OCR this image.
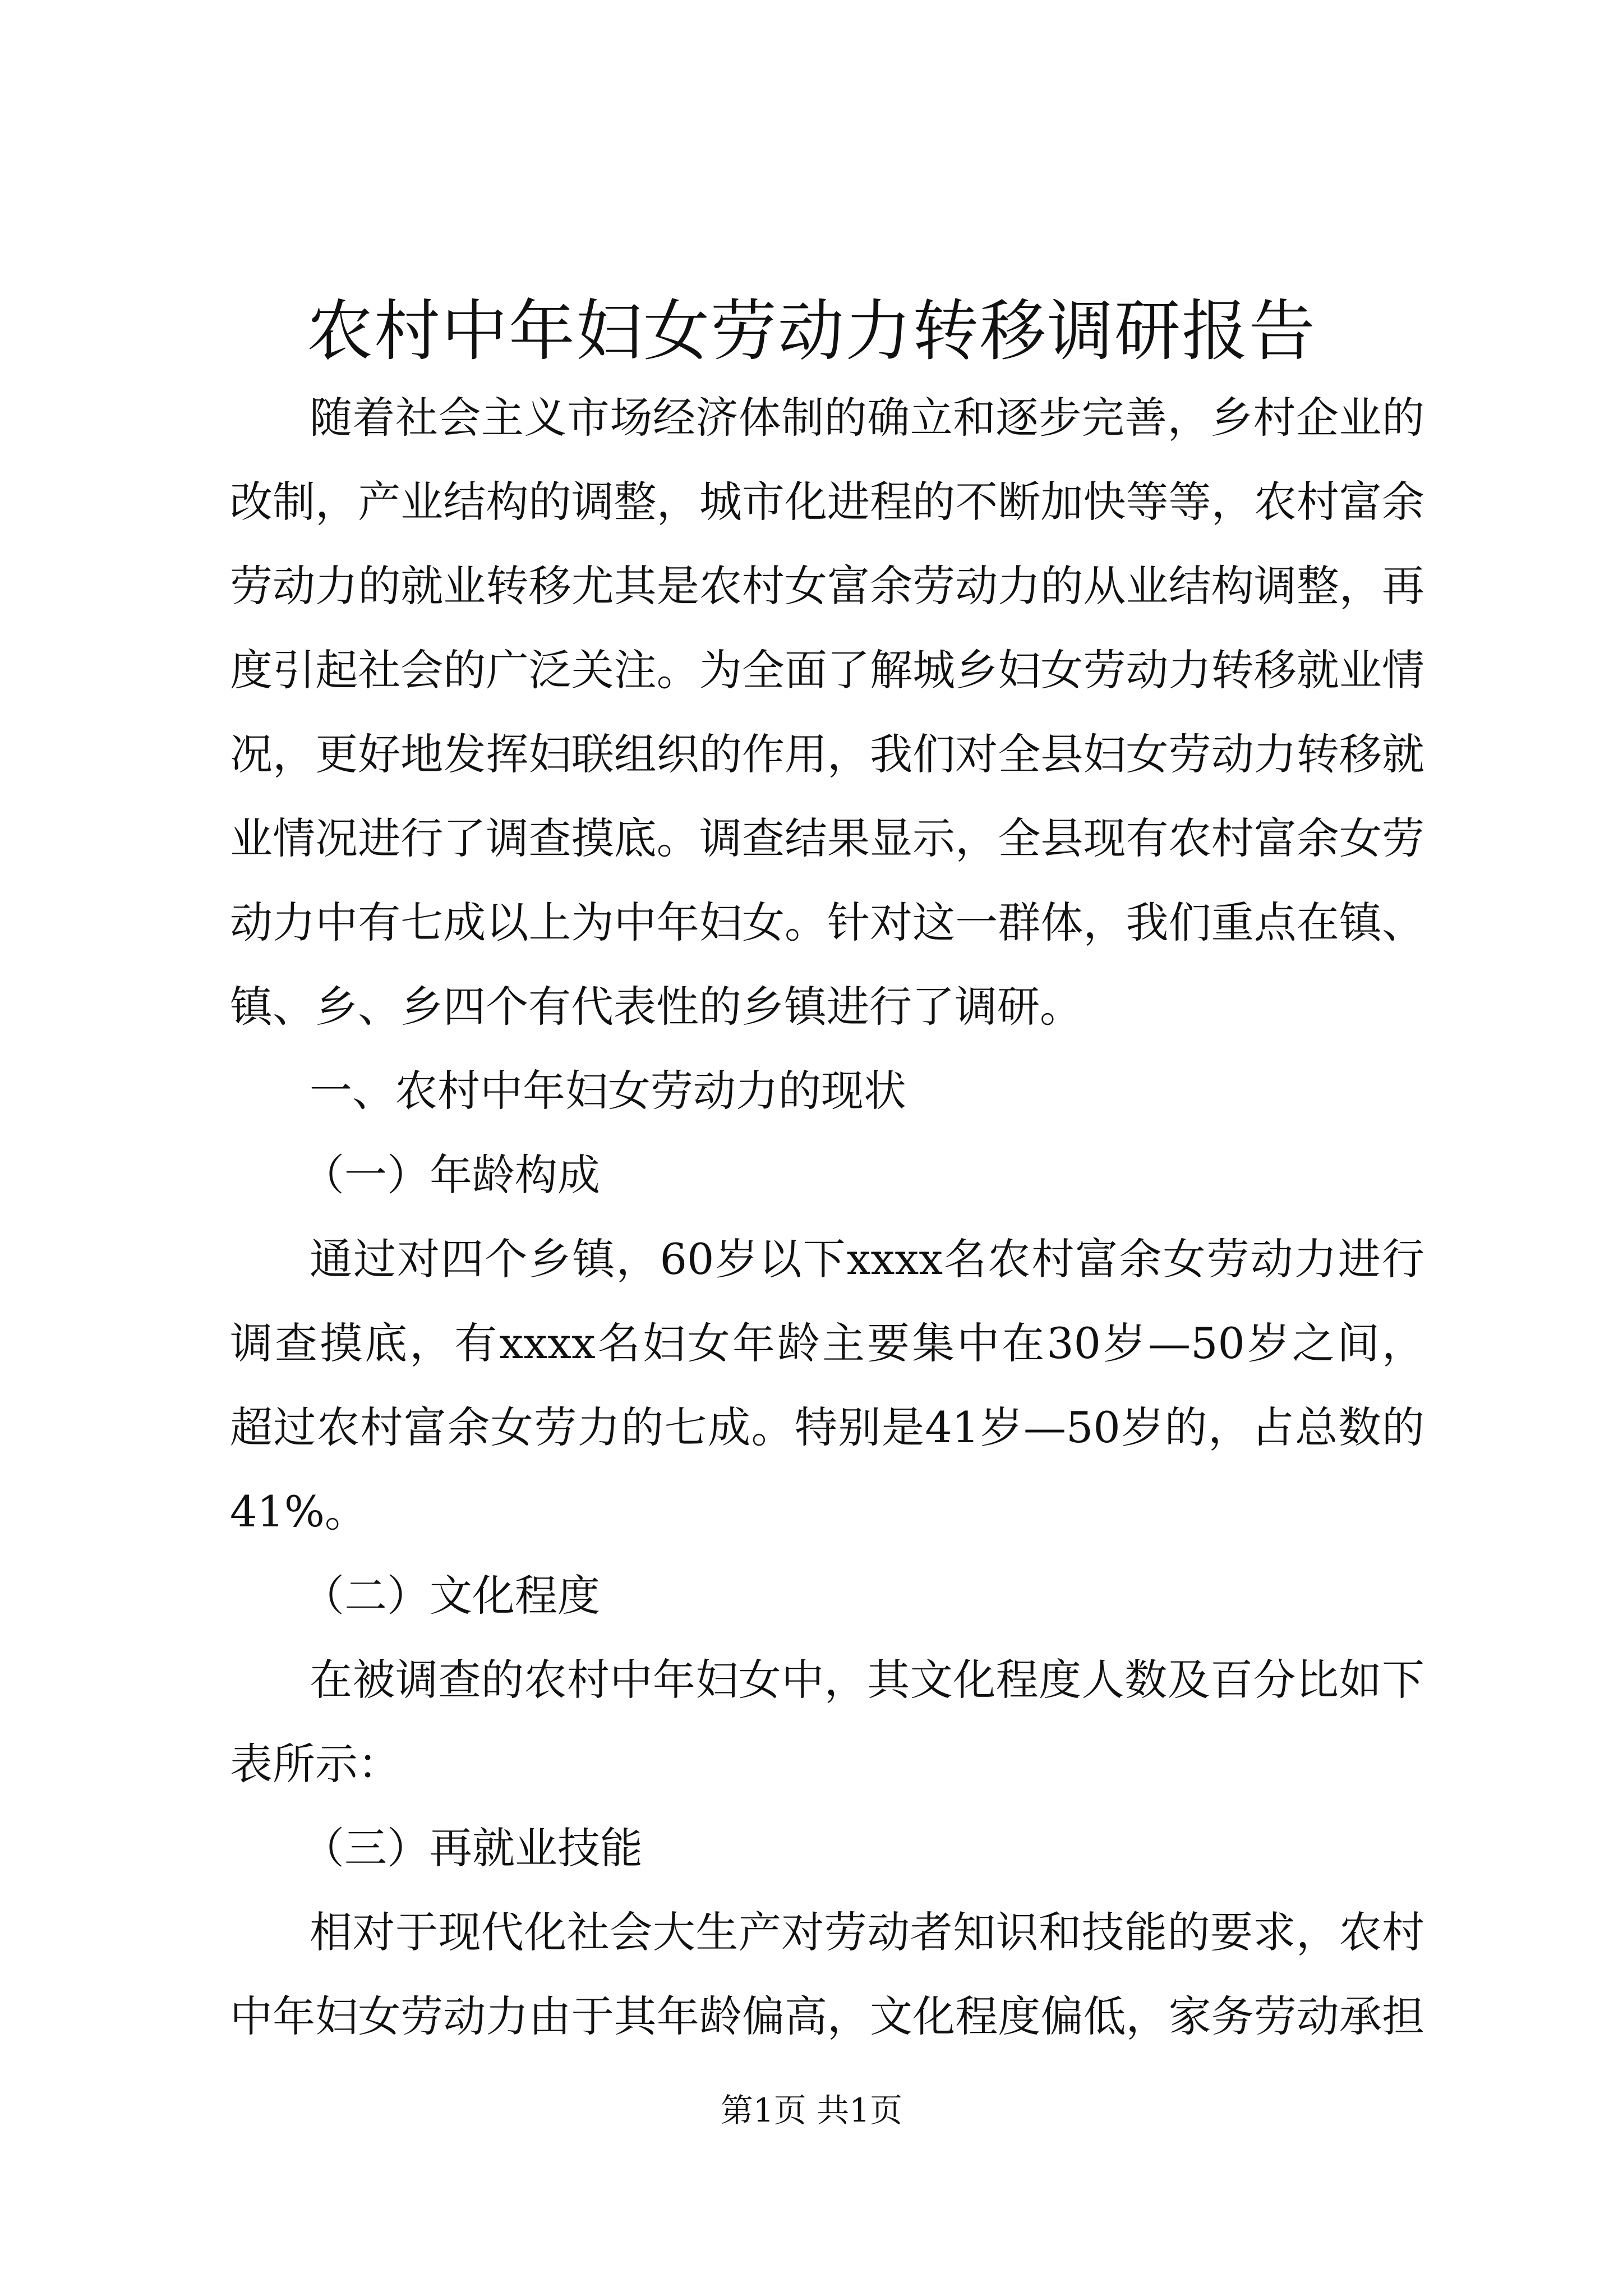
农村中年妇女劳动力转移调研报告
随着社会主义市场经济体制的确立和逐步完善，乡村企业的
改制，产业结构的调整，城市化进程的不断加快等等，农村富余
劳动力的就业转移尤其是农村女富余劳动力的从业结构调整，再
度引起社会的广泛关注。为全面了解城乡妇女劳动力转移就业情
况，更好地发挥妇联组织的作用，我们对全县妇女劳动力转移就
业情况进行了调查摸底。调查结果显示，全县现有农村富余女劳
动力中有七成以上为中年妇女。针对这一群体，我们重点在镇、
镇、乡、乡四个有代表性的乡镇进行了调研。
一、农村中年妇女劳动力的现状
（一）年龄构成
通过对四个乡镇，60岁以下xxxx名农村富余女劳动力进行
调查摸底，有xxxx名妇女年龄主要集中在30岁—50岁之间，
超过农村富余女劳力的七成。特别是41岁—50岁的，占总数的
41%。
（二）文化程度
在被调查的农村中年妇女中，其文化程度人数及百分比如下
表所示：
（三）再就业技能
相对于现代化社会大生产对劳动者知识和技能的要求，农村
中年妇女劳动力由于其年龄偏高，文化程度偏低，家务劳动承担
第1页 共1页
